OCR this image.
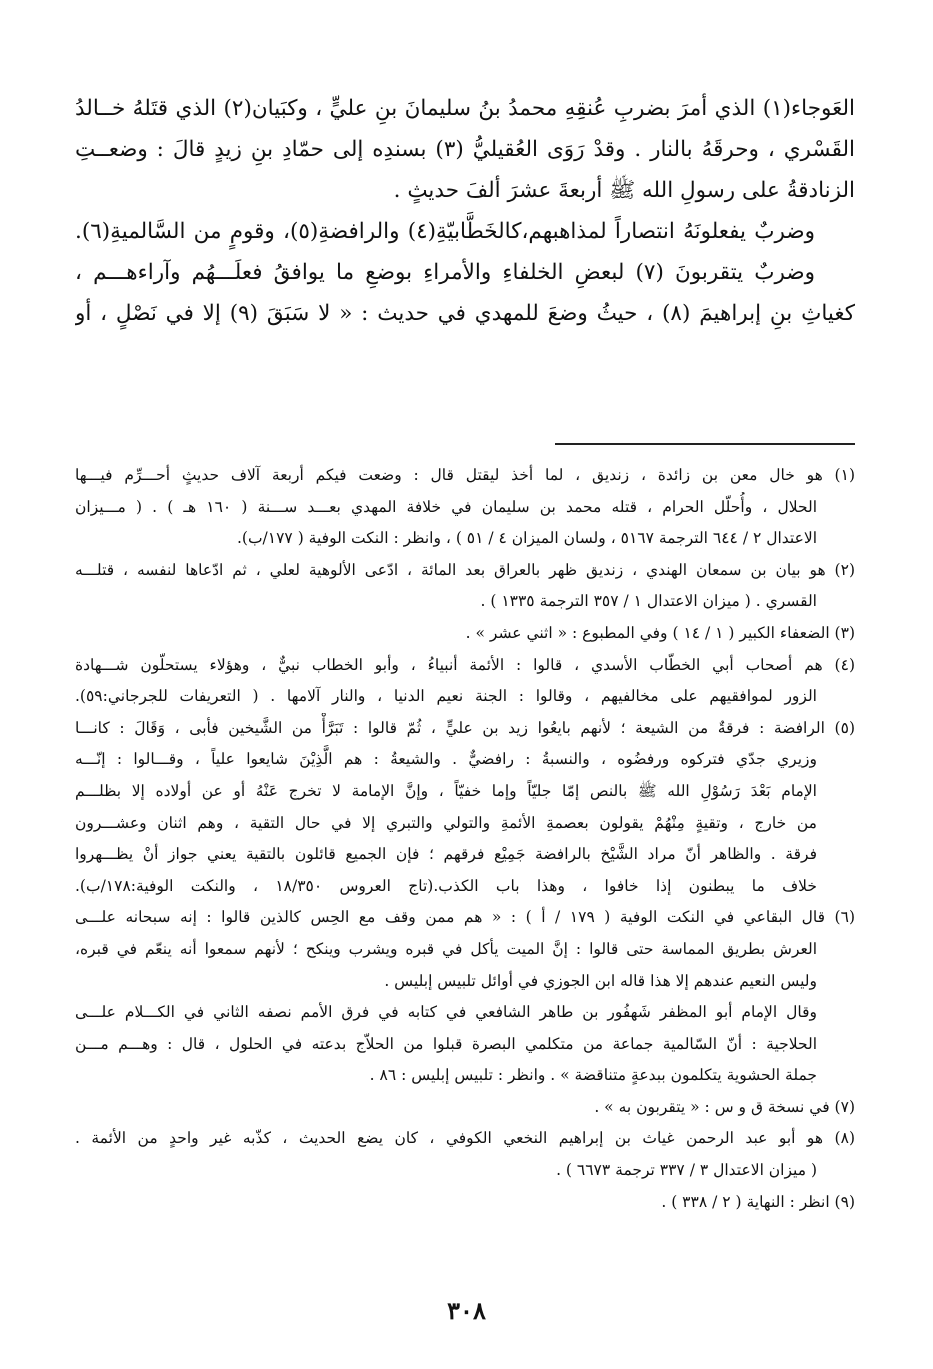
العَوجاء(١) الذي أمرَ بضربِ عُنقِهِ محمدُ بنُ سليمانَ بنِ عليٍّ ، وكبَيان(٢) الذي قتَلهُ خــالدُ
القَسْري ، وحرقَهُ بالنار . وقدْ رَوَى العُقيليُّ (٣) بسندِه إلى حمّادِ بنِ زيدٍ قالَ : وضعــتِ
الزنادقةُ على رسولِ الله ﷺ أربعةَ عشرَ ألفَ حديثٍ .
وضربٌ يفعلونَهُ انتصاراً لمذاهبهم،كالخَطَّابيّةِ(٤) والرافضةِ(٥)، وقومٍ من السَّالميةِ(٦).
وضربٌ يتقربونَ (٧) لبعضِ الخلفاءِ والأمراءِ بوضعِ ما يوافقُ فعلَـــهُم وآراءهـــم ،
كغياثِ بنِ إبراهيمَ (٨) ، حيثُ وضعَ للمهدي في حديث : « لا سَبَقَ (٩) إلا في نَصْلٍ ، أو
(١) هو خال معن بن زائدة ، زنديق ، لما أخذ ليقتل قال : وضعت فيكم أربعة آلاف حديثٍ أحـــرِّم فيـــها
الحلال ، وأُحلّل الحرام ، قتله محمد بن سليمان في خلافة المهدي بعـــد ســـنة ( ١٦٠ هـ ) . ( مـــيزان
الاعتدال ٢ / ٦٤٤ الترجمة ٥١٦٧ ، ولسان الميزان ٤ / ٥١ ) ، وانظر : النكت الوفية ( ١٧٧/ب).
(٢) هو بيان بن سمعان الهندي ، زنديق ظهر بالعراق بعد المائة ، ادّعى الألوهية لعلي ، ثم ادّعاها لنفسه ، قتلـــه
القسري . ( ميزان الاعتدال ١ / ٣٥٧ الترجمة ١٣٣٥ ) .
(٣) الضعفاء الكبير ( ١ / ١٤ ) وفي المطبوع : « اثني عشر » .
(٤) هم أصحاب أبي الخطّاب الأسدي ، قالوا : الأئمة أنبياءُ ، وأبو الخطاب نبيٌّ ، وهؤلاء يستحلّون شـــهادة
الزور لموافقيهم على مخالفيهم ، وقالوا : الجنة نعيم الدنيا ، والنار آلامها . ( التعريفات للجرجاني:٥٩).
(٥) الرافضة : فرقةٌ من الشيعة ؛ لأنهم بايعُوا زيد بن عليٍّ ، ثُمّ قالوا : تَبَرَّأْ من الشَّيخين فأبى ، وَقَالَ : كانـــا
وزيري جدّي فتركوه ورفضُوه ، والنسبةُ : رافضيٌّ . والشيعةُ : هم الَّذِيْنَ شايعوا علياً ، وقـــالوا : إنّـــه
الإمام بَعْدَ رَسُوْلِ الله ﷺ بالنص إمّا جليّاً وإما خفيّاً ، وإنَّ الإمامة لا تخرج عَنْهُ أو عن أولاده إلا بظلـــم
من خارج ، وتقيةٍ مِنْهُمْ يقولون بعصمةِ الأئمةِ والتولي والتبري إلا في حال التقية ، وهم اثنان وعشـــرون
فرقة . والظاهر أنّ مراد الشَّيْخ بالرافضة جَمِيْع فرقهم ؛ فإن الجميع قائلون بالتقية يعني جواز أنْ يظـــهروا
خلاف ما يبطنون إذا خافوا ، وهذا باب الكذب.(تاج العروس ١٨/٣٥٠ ، والنكت الوفية:١٧٨/ب).
(٦) قال البقاعي في النكت الوفية ( ١٧٩ / أ ) : « هم ممن وقف مع الحِس كالذين قالوا : إنه سبحانه علـــى
العرش بطريق المماسة حتى قالوا : إنَّ الميت يأكل في قبره ويشرب وينكح ؛ لأنهم سمعوا أنه ينعّم في قبره،
وليس النعيم عندهم إلا هذا قاله ابن الجوزي في أوائل تلبيس إبليس .
وقال الإمام أبو المظفر شَهفُور بن طاهر الشافعي في كتابه في فرق الأمم نصفه الثاني في الكـــلام علـــى
الحلاجية : أنّ السّالمية جماعة من متكلمي البصرة قبلوا من الحلاّج بدعته في الحلول ، قال : وهـــم مـــن
جملة الحشوية يتكلمون ببدعةٍ متناقضة » . وانظر : تلبيس إبليس : ٨٦ .
(٧) في نسخة ق و س : « يتقربون به » .
(٨) هو أبو عبد الرحمن غياث بن إبراهيم النخعي الكوفي ، كان يضع الحديث ، كذّبه غير واحدٍ من الأئمة .
( ميزان الاعتدال ٣ / ٣٣٧ ترجمة ٦٦٧٣ ) .
(٩) انظر : النهاية ( ٢ / ٣٣٨ ) .
٣٠٨
